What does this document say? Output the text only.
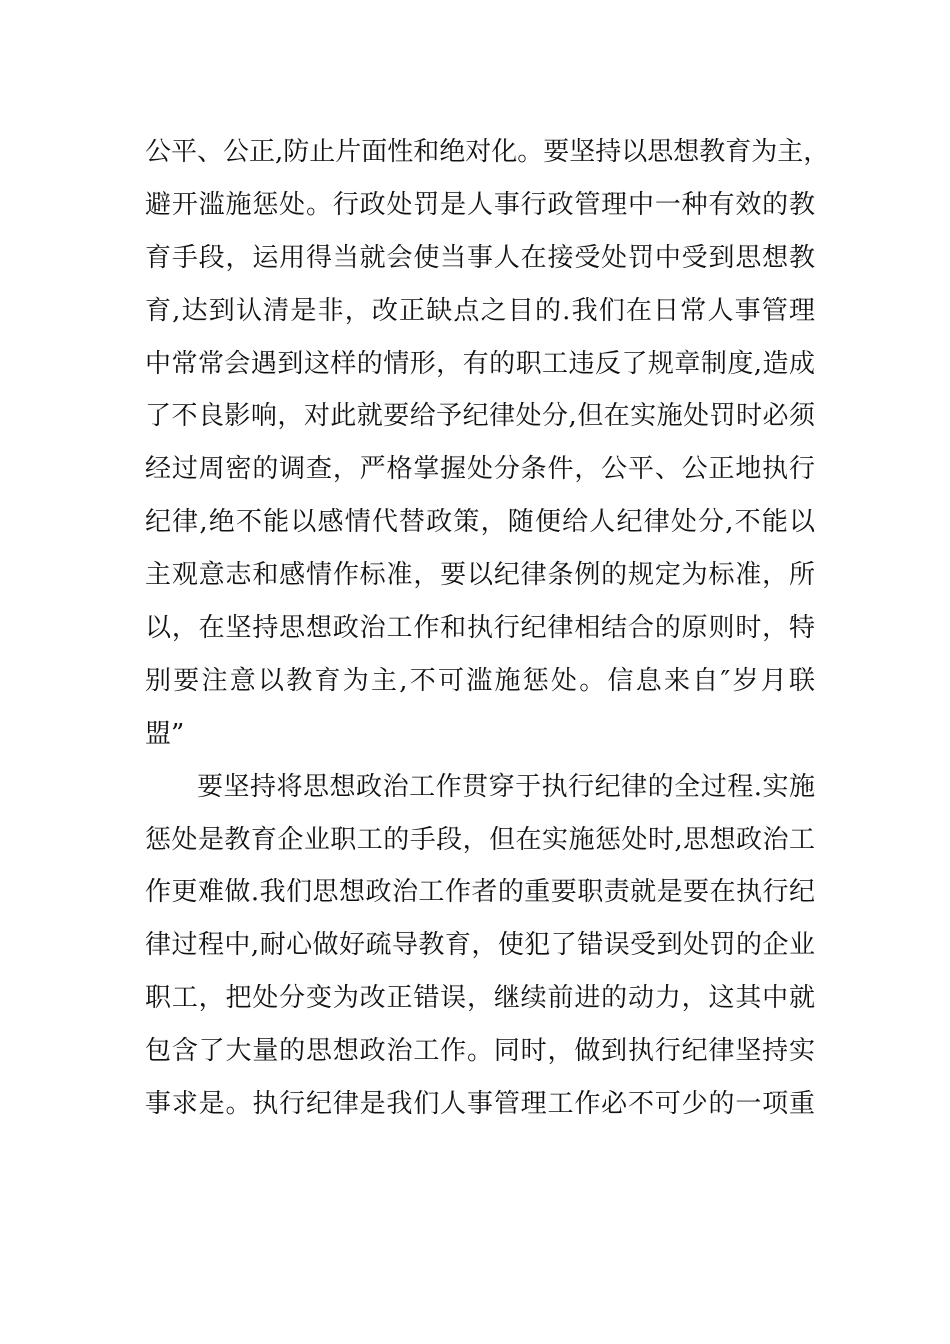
公平、公正,防止片面性和绝对化。要坚持以思想教育为主，
避开滥施惩处。行政处罚是人事行政管理中一种有效的教
育手段，运用得当就会使当事人在接受处罚中受到思想教
育,达到认清是非，改正缺点之目的.我们在日常人事管理
中常常会遇到这样的情形，有的职工违反了规章制度,造成
了不良影响，对此就要给予纪律处分,但在实施处罚时必须
经过周密的调查，严格掌握处分条件，公平、公正地执行
纪律,绝不能以感情代替政策，随便给人纪律处分,不能以
主观意志和感情作标准，要以纪律条例的规定为标准，所
以，在坚持思想政治工作和执行纪律相结合的原则时，特
别要注意以教育为主,不可滥施惩处。信息来自″岁月联
盟”

要坚持将思想政治工作贯穿于执行纪律的全过程.实施
惩处是教育企业职工的手段，但在实施惩处时,思想政治工
作更难做.我们思想政治工作者的重要职责就是要在执行纪
律过程中,耐心做好疏导教育，使犯了错误受到处罚的企业
职工，把处分变为改正错误，继续前进的动力，这其中就
包含了大量的思想政治工作。同时，做到执行纪律坚持实
事求是。执行纪律是我们人事管理工作必不可少的一项重
